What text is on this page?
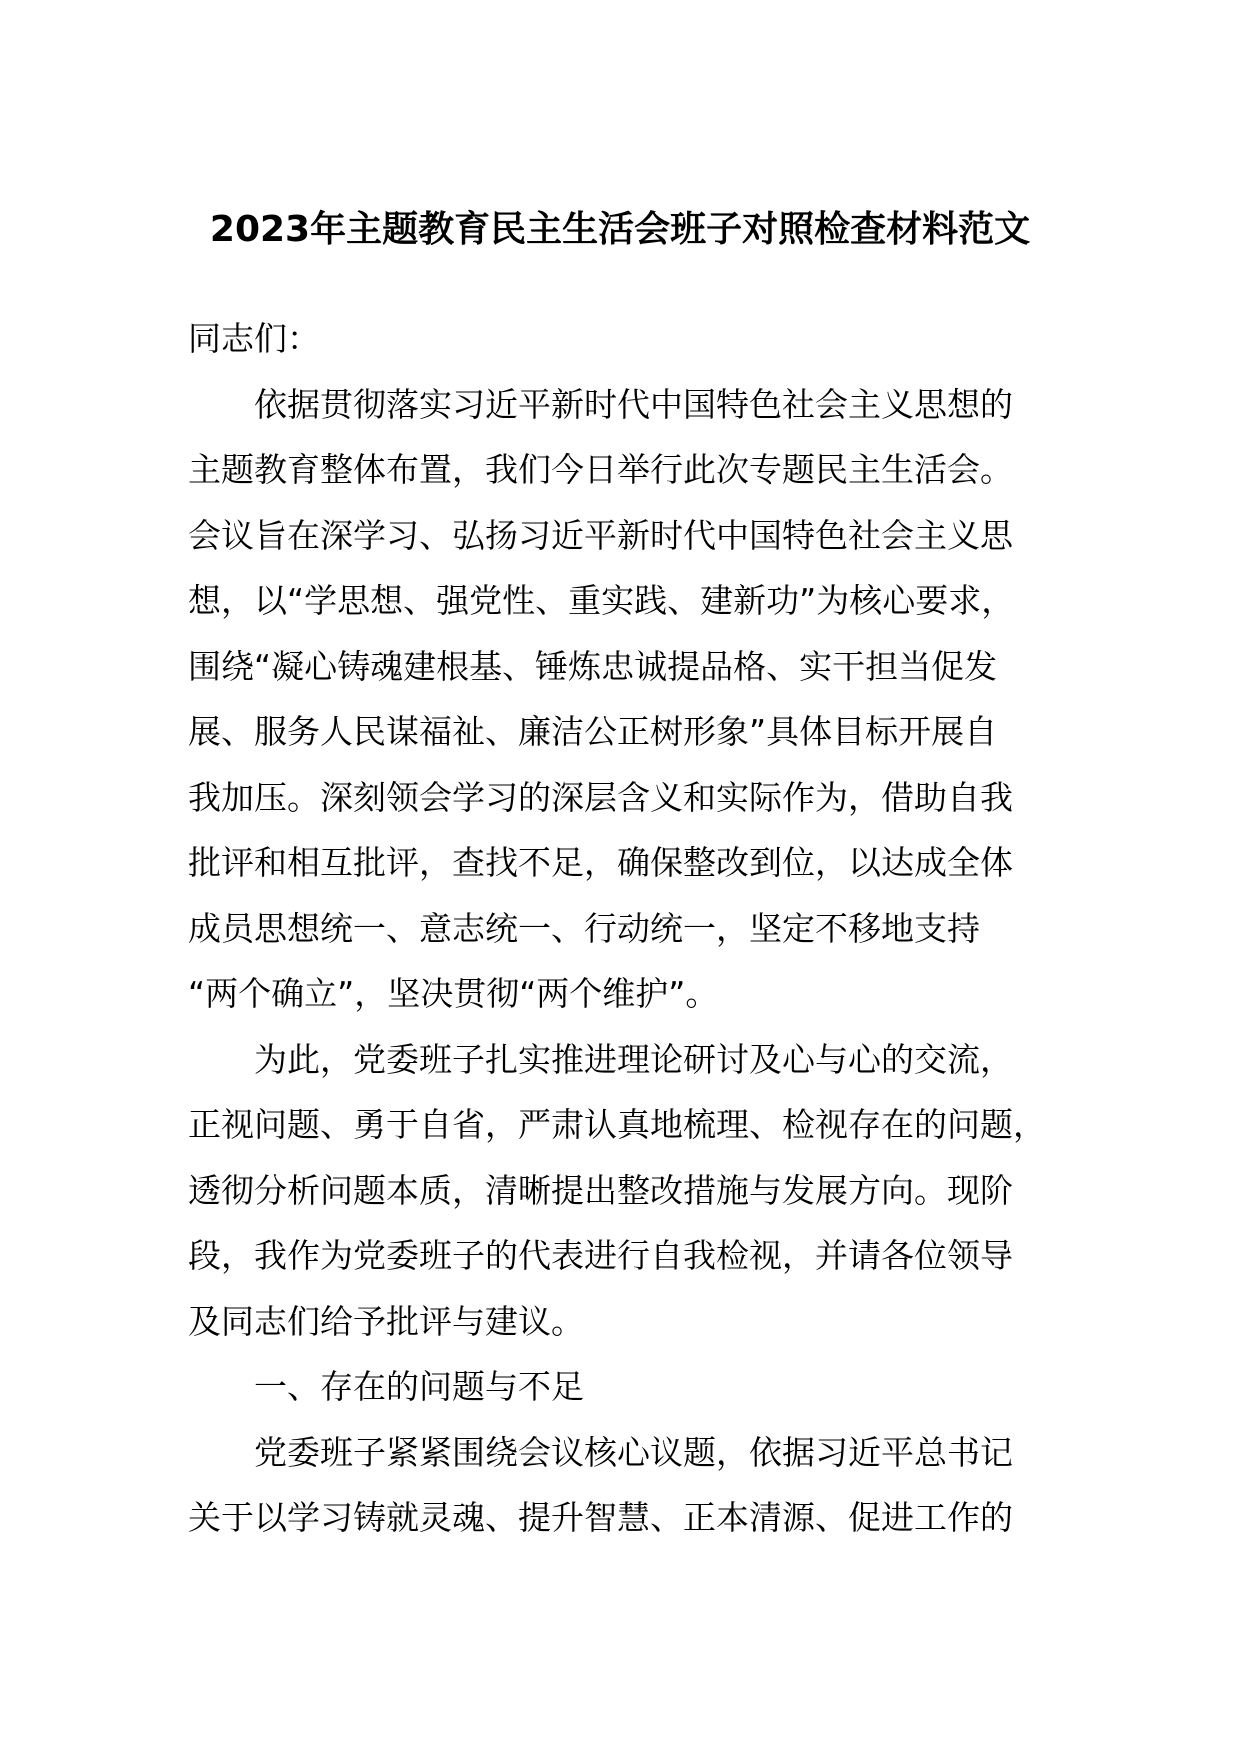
2023年主题教育民主生活会班子对照检查材料范文
同志们：
依据贯彻落实习近平新时代中国特色社会主义思想的
主题教育整体布置，我们今日举行此次专题民主生活会。
会议旨在深学习、弘扬习近平新时代中国特色社会主义思
想，以“学思想、强党性、重实践、建新功”为核心要求，
围绕“凝心铸魂建根基、锤炼忠诚提品格、实干担当促发
展、服务人民谋福祉、廉洁公正树形象”具体目标开展自
我加压。深刻领会学习的深层含义和实际作为，借助自我
批评和相互批评，查找不足，确保整改到位，以达成全体
成员思想统一、意志统一、行动统一，坚定不移地支持
“两个确立”，坚决贯彻“两个维护”。
为此，党委班子扎实推进理论研讨及心与心的交流，
正视问题、勇于自省，严肃认真地梳理、检视存在的问题，
透彻分析问题本质，清晰提出整改措施与发展方向。现阶
段，我作为党委班子的代表进行自我检视，并请各位领导
及同志们给予批评与建议。
一、存在的问题与不足
党委班子紧紧围绕会议核心议题，依据习近平总书记
关于以学习铸就灵魂、提升智慧、正本清源、促进工作的
